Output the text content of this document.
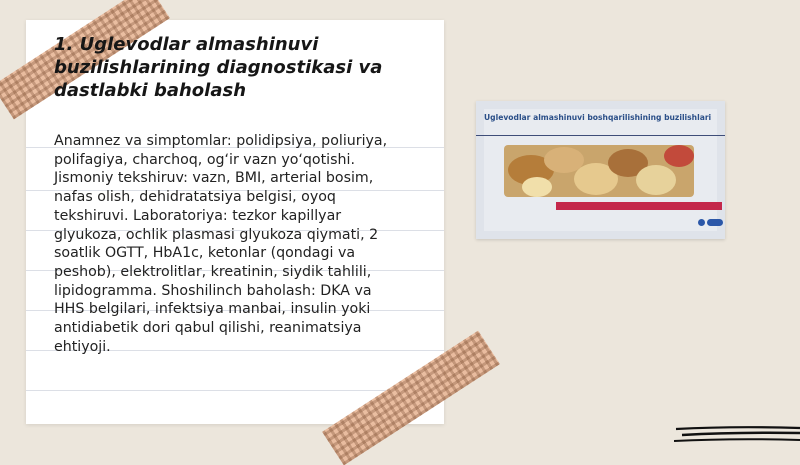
1. Uglevodlar almashinuvi buzilishlarining diagnostikasi va dastlabki baholash

Anamnez va simptomlar: polidipsiya, poliuriya, polifagiya, charchoq, og‘ir vazn yo‘qotishi. Jismoniy tekshiruv: vazn, BMI, arterial bosim, nafas olish, dehidratatsiya belgisi, oyoq tekshiruvi. Laboratoriya: tezkor kapillyar glyukoza, ochlik plasmasi glyukoza qiymati, 2 soatlik OGTT, HbA1c, ketonlar (qondagi va peshob), elektrolitlar, kreatinin, siydik tahlili, lipidogramma. Shoshilinch baholash: DKA va HHS belgilari, infektsiya manbai, insulin yoki antidiabetik dori qabul qilishi, reanimatsiya ehtiyoji.

Uglevodlar almashinuvi boshqarilishining buzilishlari
